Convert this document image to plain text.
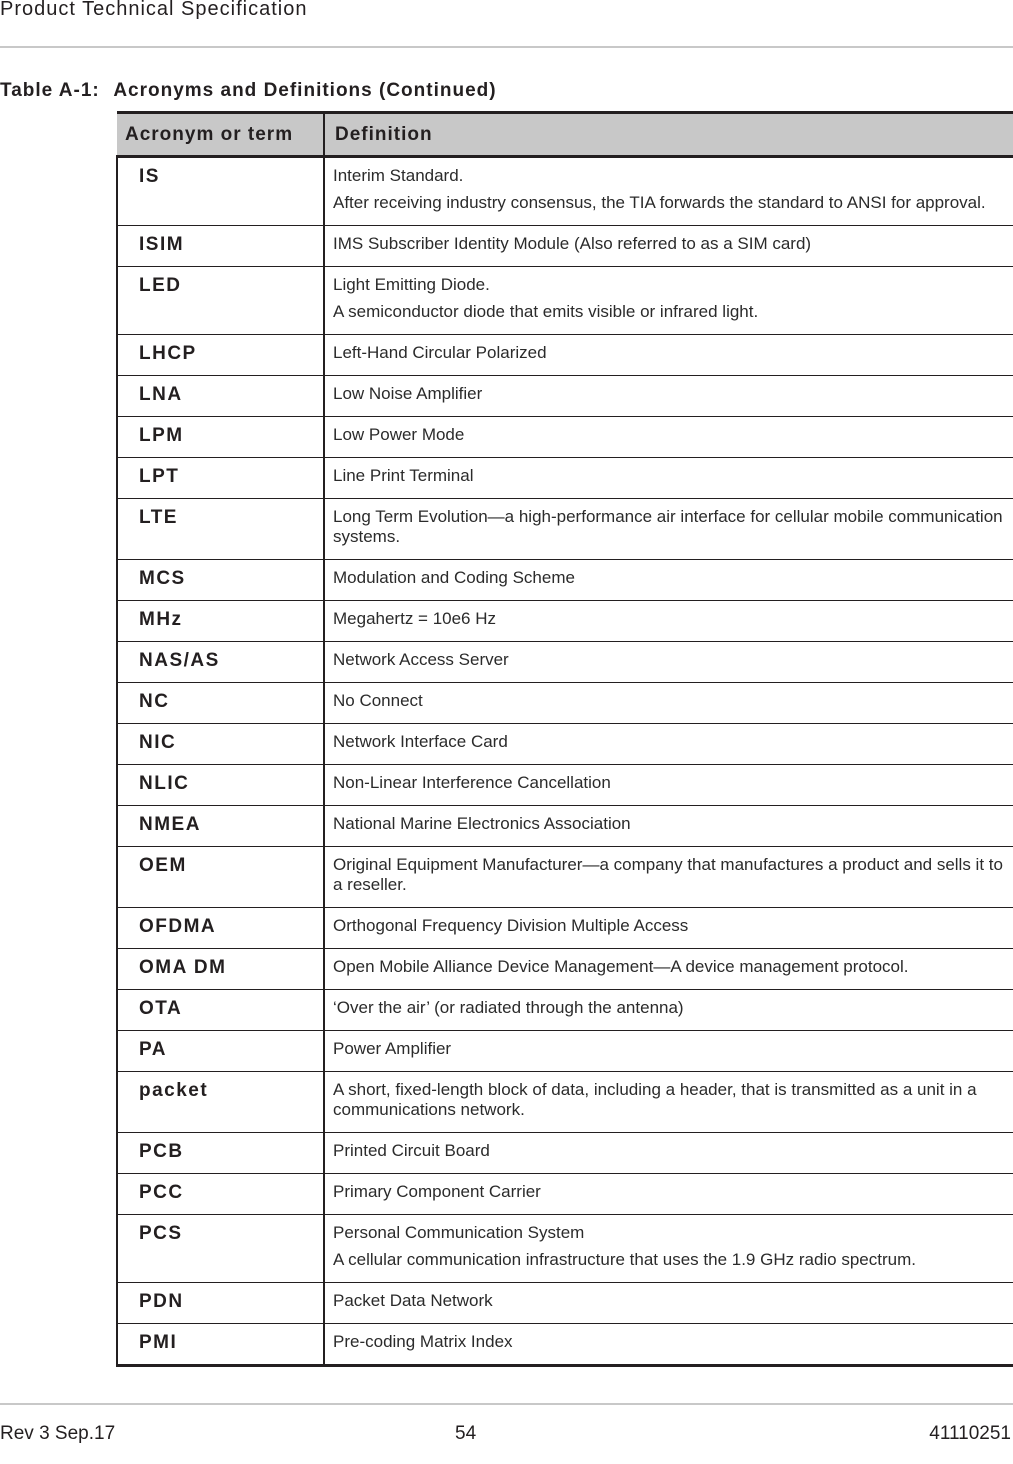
Product Technical Specification
Table A-1: Acronyms and Definitions (Continued)
Acronym or term	Definition
IS	Interim Standard.

After receiving industry consensus, the TIA forwards the standard to ANSI for approval.

ISIM	IMS Subscriber Identity Module (Also referred to as a SIM card)

LED	Light Emitting Diode.

A semiconductor diode that emits visible or infrared light.

LHCP	Left-Hand Circular Polarized

LNA	Low Noise Amplifier

LPM	Low Power Mode

LPT	Line Print Terminal

LTE	Long Term Evolution—a high-performance air interface for cellular mobile communication systems.

MCS	Modulation and Coding Scheme

MHz	Megahertz = 10e6 Hz

NAS/AS	Network Access Server

NC	No Connect

NIC	Network Interface Card

NLIC	Non-Linear Interference Cancellation

NMEA	National Marine Electronics Association

OEM	Original Equipment Manufacturer—a company that manufactures a product and sells it to a reseller.

OFDMA	Orthogonal Frequency Division Multiple Access

OMA DM	Open Mobile Alliance Device Management—A device management protocol.

OTA	‘Over the air’ (or radiated through the antenna)

PA	Power Amplifier

packet	A short, fixed-length block of data, including a header, that is transmitted as a unit in a communications network.

PCB	Printed Circuit Board

PCC	Primary Component Carrier

PCS	Personal Communication System

A cellular communication infrastructure that uses the 1.9 GHz radio spectrum.

PDN	Packet Data Network

PMI	Pre-coding Matrix Index

Rev 3 Sep.17	54	41110251
